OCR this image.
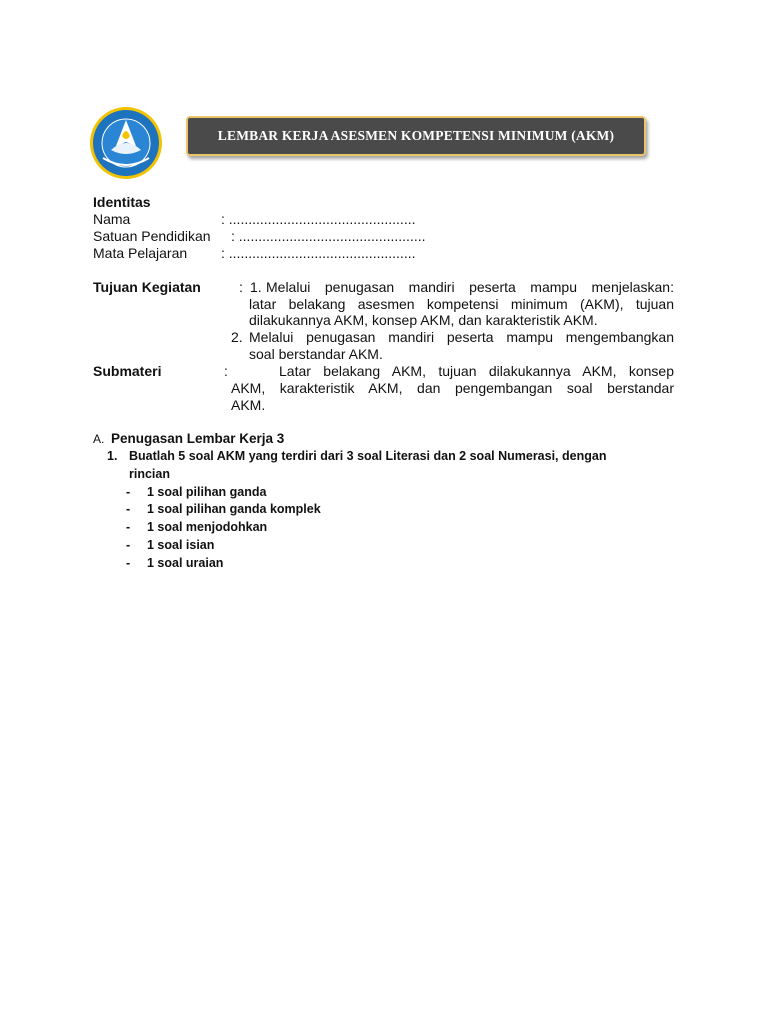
LEMBAR KERJA ASESMEN KOMPETENSI MINIMUM (AKM)
Identitas
Nama	: ................................................
Satuan Pendidikan : ................................................
Mata Pelajaran : ................................................
Tujuan Kegiatan	: 1. Melalui penugasan mandiri peserta mampu menjelaskan:
latar belakang asesmen kompetensi minimum (AKM), tujuan
dilakukannya AKM, konsep AKM, dan karakteristik AKM.
2. Melalui penugasan mandiri peserta mampu mengembangkan
soal berstandar AKM.
Submateri	:	Latar belakang AKM, tujuan dilakukannya AKM, konsep
AKM, karakteristik AKM, dan pengembangan soal berstandar
AKM.
A. Penugasan Lembar Kerja 3
1. Buatlah 5 soal AKM yang terdiri dari 3 soal Literasi dan 2 soal Numerasi, dengan
rincian
- 1 soal pilihan ganda
- 1 soal pilihan ganda komplek
- 1 soal menjodohkan
- 1 soal isian
- 1 soal uraian
